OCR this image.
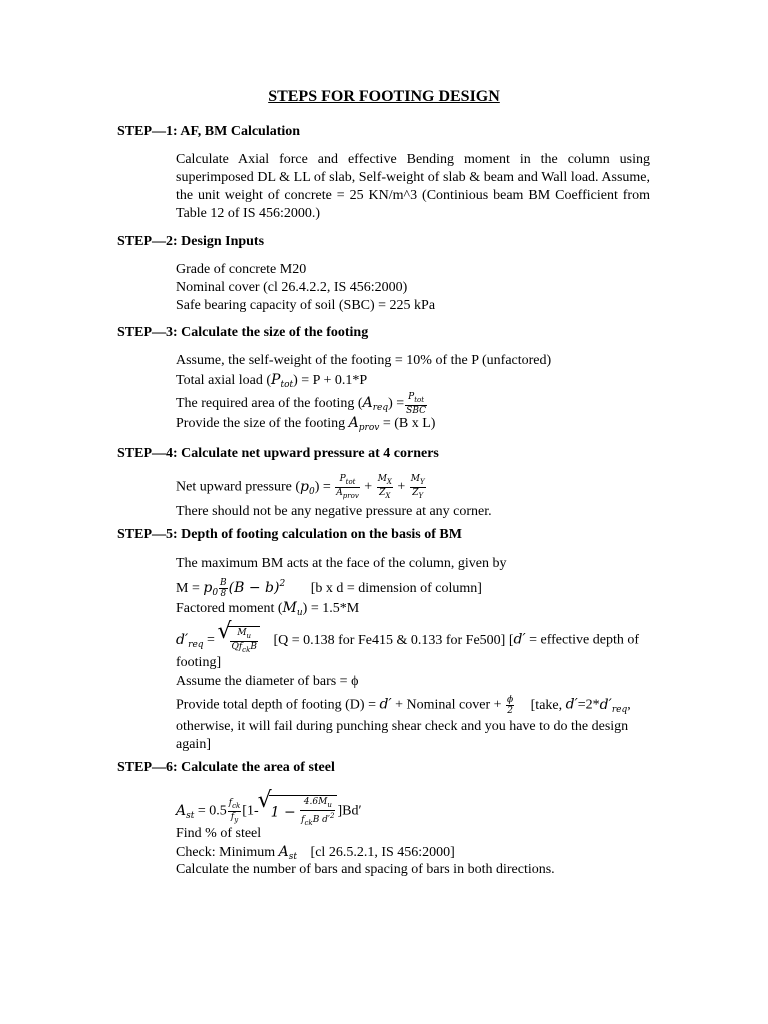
STEPS FOR FOOTING DESIGN
STEP—1: AF, BM Calculation
Calculate Axial force and effective Bending moment in the column using superimposed DL & LL of slab, Self-weight of slab & beam and Wall load. Assume, the unit weight of concrete = 25 KN/m^3 (Continious beam BM Coefficient from Table 12 of IS 456:2000.)
STEP—2: Design Inputs
Grade of concrete M20
Nominal cover (cl 26.4.2.2, IS 456:2000)
Safe bearing capacity of soil (SBC) = 225 kPa
STEP—3: Calculate the size of the footing
Assume, the self-weight of the footing = 10% of the P (unfactored)
Total axial load $(P_{tot}) = P + 0.1*P$
The required area of the footing $(A_{req}) = \frac{P_{tot}}{\text{SBC}}$
Provide the size of the footing $A_{prov} = (B$ x L)
STEP—4: Calculate net upward pressure at 4 corners
Net upward pressure $(p_0) = \frac{P_{tot}}{A_{prov}} + \frac{M_X}{Z_X} + \frac{M_Y}{Z_Y}$
There should not be any negative pressure at any corner.
STEP—5: Depth of footing calculation on the basis of BM
The maximum BM acts at the face of the column, given by
$M = p_0 \frac{B}{8} (B - b)^2$ [b x d = dimension of column]
Factored moment $(M_u) = 1.5*M$
$d'_{req}$ =
√ $\frac{M_u}{Qf_{ck}B} [Q = 0.138$ for Fe415 & 0.133 for Fe500] [d′ = effective depth of
footing]
Assume the diameter of bars = ϕ
Provide total depth of footing (D) = d′ + Nominal cover + $\frac{\phi}{2}$ [take, $d'=2*d'_{req}$,
otherwise, it will fail during punching shear check and you have to do the design
again]
STEP—6: Calculate the area of steel
$A_{st} = 0.5 \frac{f_{ck}}{f_y} [1-√$ $1 - \frac{4.6M_u}{f_{ck}B d'^2} ]Bd'$
Find % of steel
Check: Minimum $A_{st}$ [cl 26.5.2.1, IS 456:2000]
Calculate the number of bars and spacing of bars in both directions.
